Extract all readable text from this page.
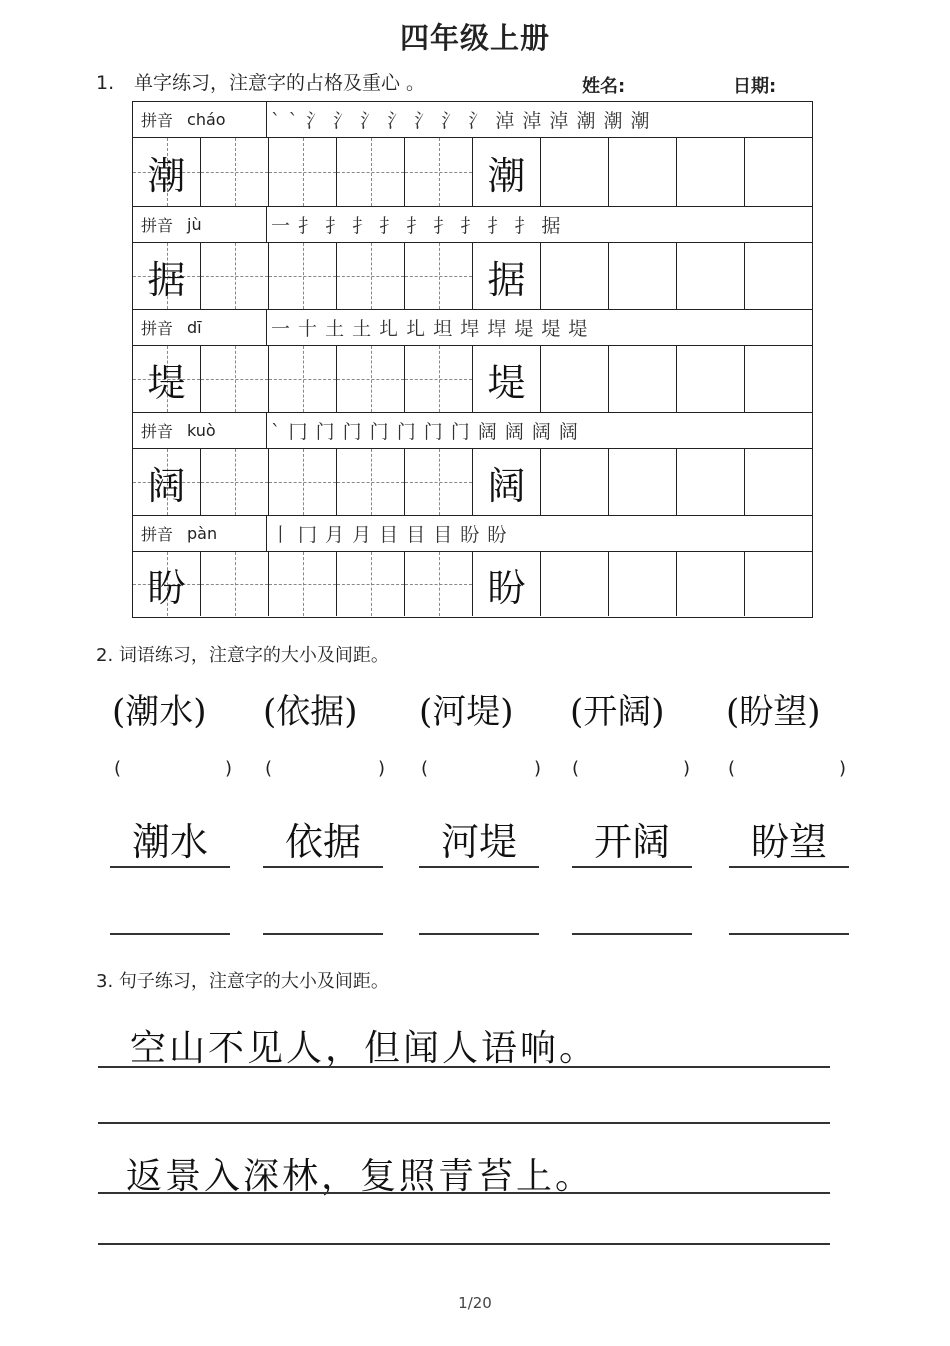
四年级上册
1. 单字练习，注意字的占格及重心 。	姓名:	日期:
拼音 cháo ` ˋ 氵 氵 氵 氵 氵 氵 氵 淖 淖 淖 潮 潮 潮
潮	潮
拼音 jù	一 扌 扌 扌 扌 扌 扌 扌 扌 扌 据
据	据
拼音 dī	一 十 土 土 圠 圠 坦 垾 垾 堤 堤 堤
堤	堤
拼音 kuò	` 冂 门 门 门 门 门 门 阔 阔 阔 阔
阔	阔
拼音 pàn	丨 冂 月 月 目 目 目 盼 盼
盼	盼
2. 词语练习，注意字的大小及间距。
(潮水) (依据) (河堤) (开阔) (盼望)
(	) (	) (	) (	) (	)
潮水	依据	河堤	开阔	盼望
3. 句子练习，注意字的大小及间距。
空山不见人，但闻人语响。
返景入深林，复照青苔上。
1/20
